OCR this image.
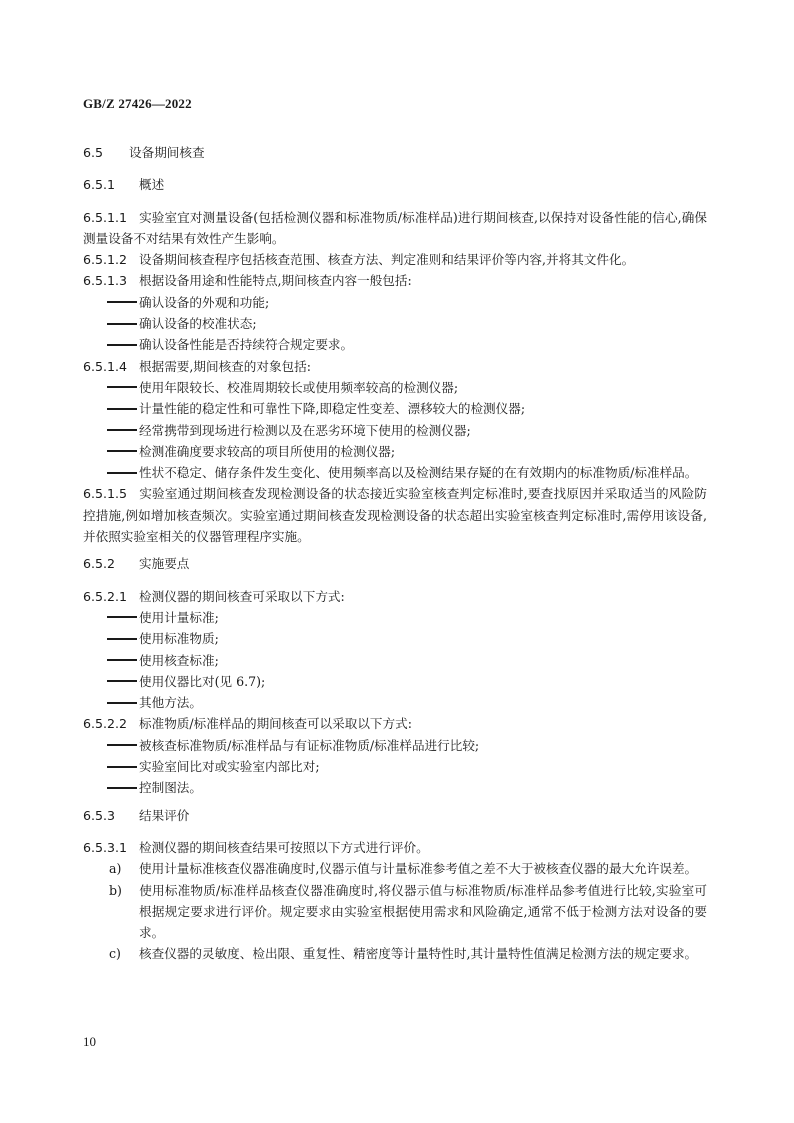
GB/Z 27426—2022

6.5 设备期间核查

6.5.1 概述

6.5.1.1 实验室宜对测量设备(包括检测仪器和标准物质/标准样品)进行期间核查,以保持对设备性能的信心,确保测量设备不对结果有效性产生影响。

6.5.1.2 设备期间核查程序包括核查范围、核查方法、判定准则和结果评价等内容,并将其文件化。

6.5.1.3 根据设备用途和性能特点,期间核查内容一般包括:

确认设备的外观和功能;

确认设备的校准状态;

确认设备性能是否持续符合规定要求。

6.5.1.4 根据需要,期间核查的对象包括:

使用年限较长、校准周期较长或使用频率较高的检测仪器;

计量性能的稳定性和可靠性下降,即稳定性变差、漂移较大的检测仪器;

经常携带到现场进行检测以及在恶劣环境下使用的检测仪器;

检测准确度要求较高的项目所使用的检测仪器;

性状不稳定、储存条件发生变化、使用频率高以及检测结果存疑的在有效期内的标准物质/标准样品。

6.5.1.5 实验室通过期间核查发现检测设备的状态接近实验室核查判定标准时,要查找原因并采取适当的风险防控措施,例如增加核查频次。实验室通过期间核查发现检测设备的状态超出实验室核查判定标准时,需停用该设备,并依照实验室相关的仪器管理程序实施。

6.5.2 实施要点

6.5.2.1 检测仪器的期间核查可采取以下方式:

使用计量标准;

使用标准物质;

使用核查标准;

使用仪器比对(见 6.7);

其他方法。

6.5.2.2 标准物质/标准样品的期间核查可以采取以下方式:

被核查标准物质/标准样品与有证标准物质/标准样品进行比较;

实验室间比对或实验室内部比对;

控制图法。

6.5.3 结果评价

6.5.3.1 检测仪器的期间核查结果可按照以下方式进行评价。

a) 使用计量标准核查仪器准确度时,仪器示值与计量标准参考值之差不大于被核查仪器的最大允许误差。

b) 使用标准物质/标准样品核查仪器准确度时,将仪器示值与标准物质/标准样品参考值进行比较,实验室可根据规定要求进行评价。规定要求由实验室根据使用需求和风险确定,通常不低于检测方法对设备的要求。

c) 核查仪器的灵敏度、检出限、重复性、精密度等计量特性时,其计量特性值满足检测方法的规定要求。

10
